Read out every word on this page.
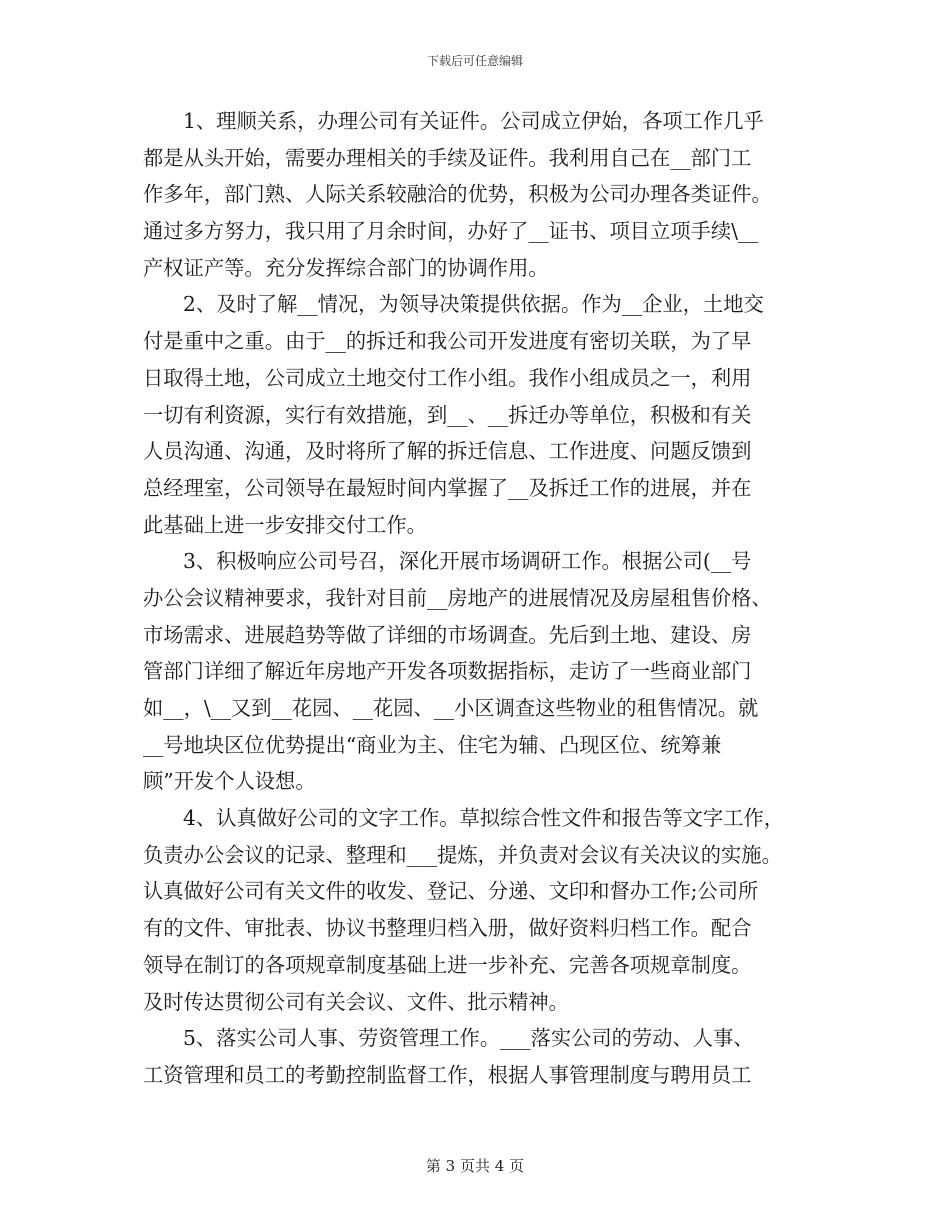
下载后可任意编辑
1、理顺关系，办理公司有关证件。公司成立伊始，各项工作几乎
都是从头开始，需要办理相关的手续及证件。我利用自己在__部门工
作多年，部门熟、人际关系较融洽的优势，积极为公司办理各类证件。
通过多方努力，我只用了月余时间，办好了__证书、项目立项手续\__
产权证产等。充分发挥综合部门的协调作用。
2、及时了解__情况，为领导决策提供依据。作为__企业，土地交
付是重中之重。由于__的拆迁和我公司开发进度有密切关联，为了早
日取得土地，公司成立土地交付工作小组。我作小组成员之一，利用
一切有利资源，实行有效措施，到__、__拆迁办等单位，积极和有关
人员沟通、沟通，及时将所了解的拆迁信息、工作进度、问题反馈到
总经理室，公司领导在最短时间内掌握了__及拆迁工作的进展，并在
此基础上进一步安排交付工作。
3、积极响应公司号召，深化开展市场调研工作。根据公司(__号
办公会议精神要求，我针对目前__房地产的进展情况及房屋租售价格、
市场需求、进展趋势等做了详细的市场调查。先后到土地、建设、房
管部门详细了解近年房地产开发各项数据指标，走访了一些商业部门
如__，\__又到__花园、__花园、__小区调查这些物业的租售情况。就
__号地块区位优势提出“商业为主、住宅为辅、凸现区位、统筹兼
顾”开发个人设想。
4、认真做好公司的文字工作。草拟综合性文件和报告等文字工作，
负责办公会议的记录、整理和___提炼，并负责对会议有关决议的实施。
认真做好公司有关文件的收发、登记、分递、文印和督办工作;公司所
有的文件、审批表、协议书整理归档入册，做好资料归档工作。配合
领导在制订的各项规章制度基础上进一步补充、完善各项规章制度。
及时传达贯彻公司有关会议、文件、批示精神。
5、落实公司人事、劳资管理工作。___落实公司的劳动、人事、
工资管理和员工的考勤控制监督工作，根据人事管理制度与聘用员工
第 3 页共 4 页
